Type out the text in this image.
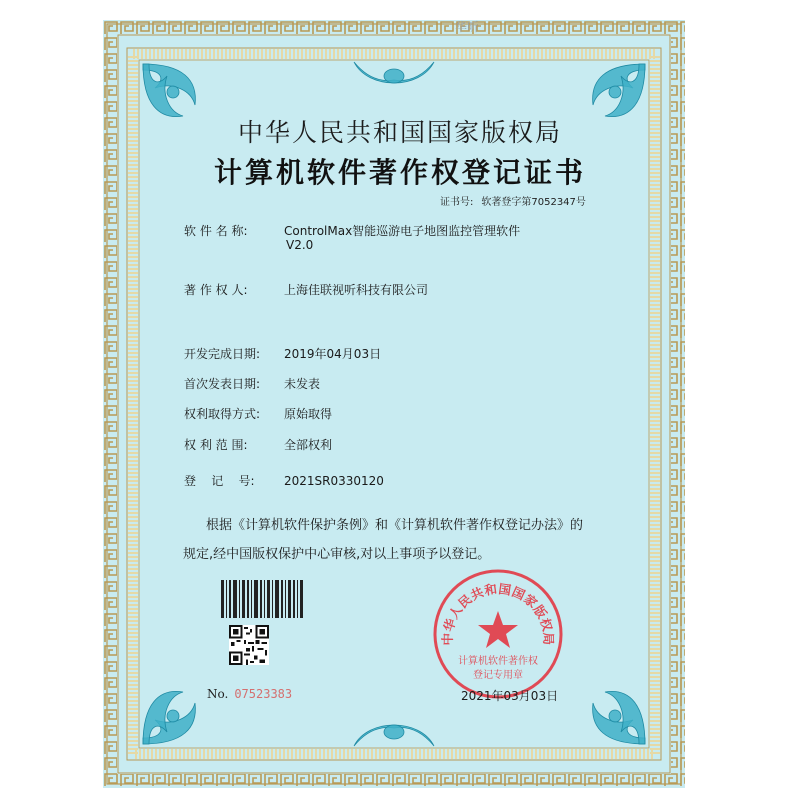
华昕
中华人民共和国国家版权局
计算机软件著作权登记证书
证书号: 软著登字第7052347号
软 件 名 称:	ControlMax智能巡游电子地图监控管理软件
V2.0
著 作 权 人:	上海佳联视听科技有限公司
开发完成日期: 2019年04月03日
首次发表日期: 未发表
权利取得方式: 原始取得
权 利 范 围:	全部权利
登    记    号: 2021SR0330120
根据《计算机软件保护条例》和《计算机软件著作权登记办法》的
规定,经中国版权保护中心审核,对以上事项予以登记。
No. 07523383
中华人民共和国国家版权局
计算机软件著作权
登记专用章
2021年03月03日
